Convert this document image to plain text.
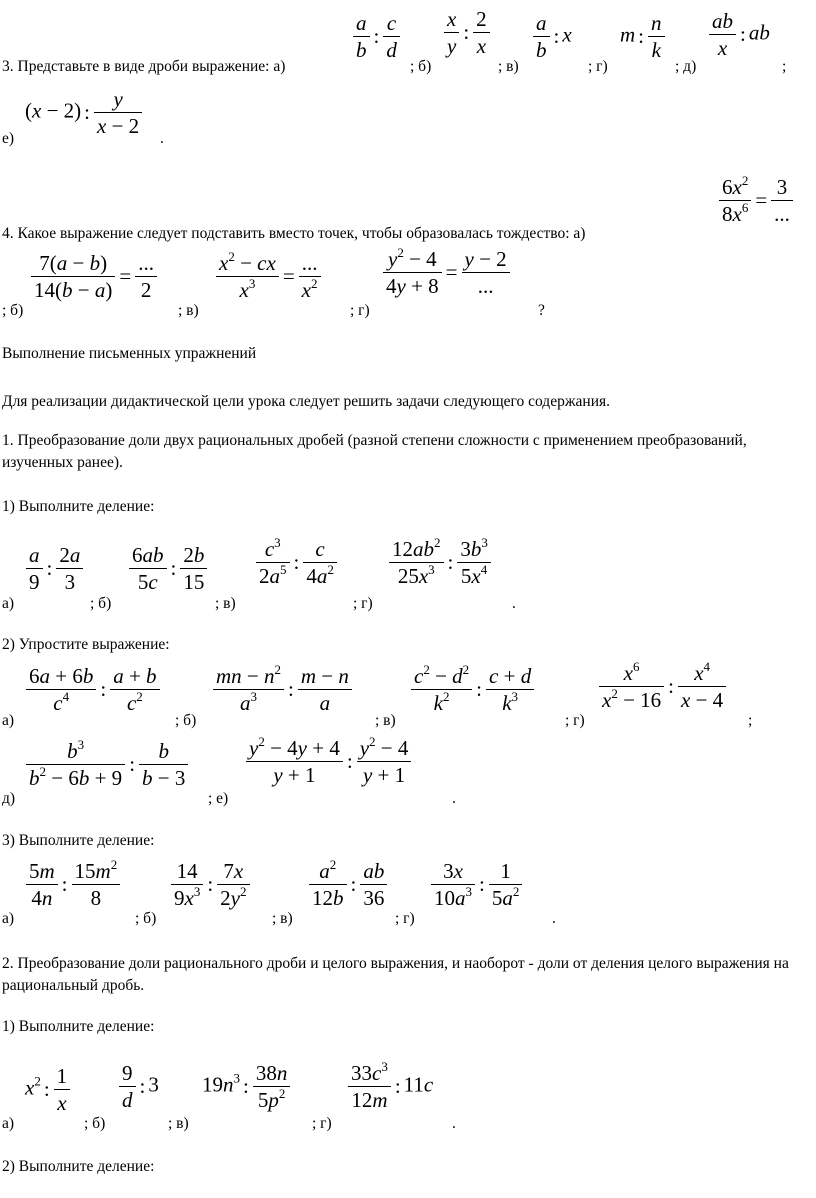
3. Представьте в виде дроби выражение: а)
$\frac{a}{b}$ : $\frac{c}{d}$
; б)
$\frac{x}{y}$ : $\frac{2}{x}$
; в)
$\frac{a}{b}$ : x
; г)
m : $\frac{n}{k}$
; д)
$\frac{ab}{x}$ : ab
;
е)
(x − 2) : $\frac{y}{x - 2}$
.
4. Какое выражение следует подставить вместо точек, чтобы образовалась тождество: а)
$\frac{6x^2}{8x^6} = \frac{3}{...}$
; б)
$\frac{7(a - b)}{14(b - a)} = \frac{...}{2}$
; в)
$\frac{x^2 - cx}{x^3} = \frac{...}{x^2}$
; г)
$\frac{y^2 - 4}{4y + 8} = \frac{y - 2}{...}$
?
Выполнение письменных упражнений
Для реализации дидактической цели урока следует решить задачи следующего содержания.
1. Преобразование доли двух рациональных дробей (разной степени сложности с применением преобразований, изученных ранее).
1) Выполните деление:
а)
$\frac{a}{9}$ : $\frac{2a}{3}$
; б)
$\frac{6ab}{5c}$ : $\frac{2b}{15}$
; в)
$\frac{c^3}{2a^5}$ : $\frac{c}{4a^2}$
; г)
$\frac{12ab^2}{25x^3}$ : $\frac{3b^3}{5x^4}$
.
2) Упростите выражение:
а)
$\frac{6a + 6b}{c^4}$ : $\frac{a + b}{c^2}$
; б)
$\frac{mn - n^2}{a^3}$ : $\frac{m - n}{a}$
; в)
$\frac{c^2 - d^2}{k^2}$ : $\frac{c + d}{k^3}$
; г)
$\frac{x^6}{x^2 - 16}$ : $\frac{x^4}{x - 4}$
;
д)
$\frac{b^3}{b^2 - 6b + 9}$ : $\frac{b}{b - 3}$
; е)
$\frac{y^2 - 4y + 4}{y + 1}$ : $\frac{y^2 - 4}{y + 1}$
.
3) Выполните деление:
а)
$\frac{5m}{4n}$ : $\frac{15m^2}{8}$
; б)
$\frac{14}{9x^3}$ : $\frac{7x}{2y^2}$
; в)
$\frac{a^2}{12b}$ : $\frac{ab}{36}$
; г)
$\frac{3x}{10a^3}$ : $\frac{1}{5a^2}$
.
2. Преобразование доли рационального дроби и целого выражения, и наоборот - доли от деления целого выражения на рациональный дробь.
1) Выполните деление:
а)
$x^2$ : $\frac{1}{x}$
; б)
$\frac{9}{d}$ : 3
; в)
$19n^3$ : $\frac{38n}{5p^2}$
; г)
$\frac{33c^3}{12m}$ : 11c
.
2) Выполните деление:
